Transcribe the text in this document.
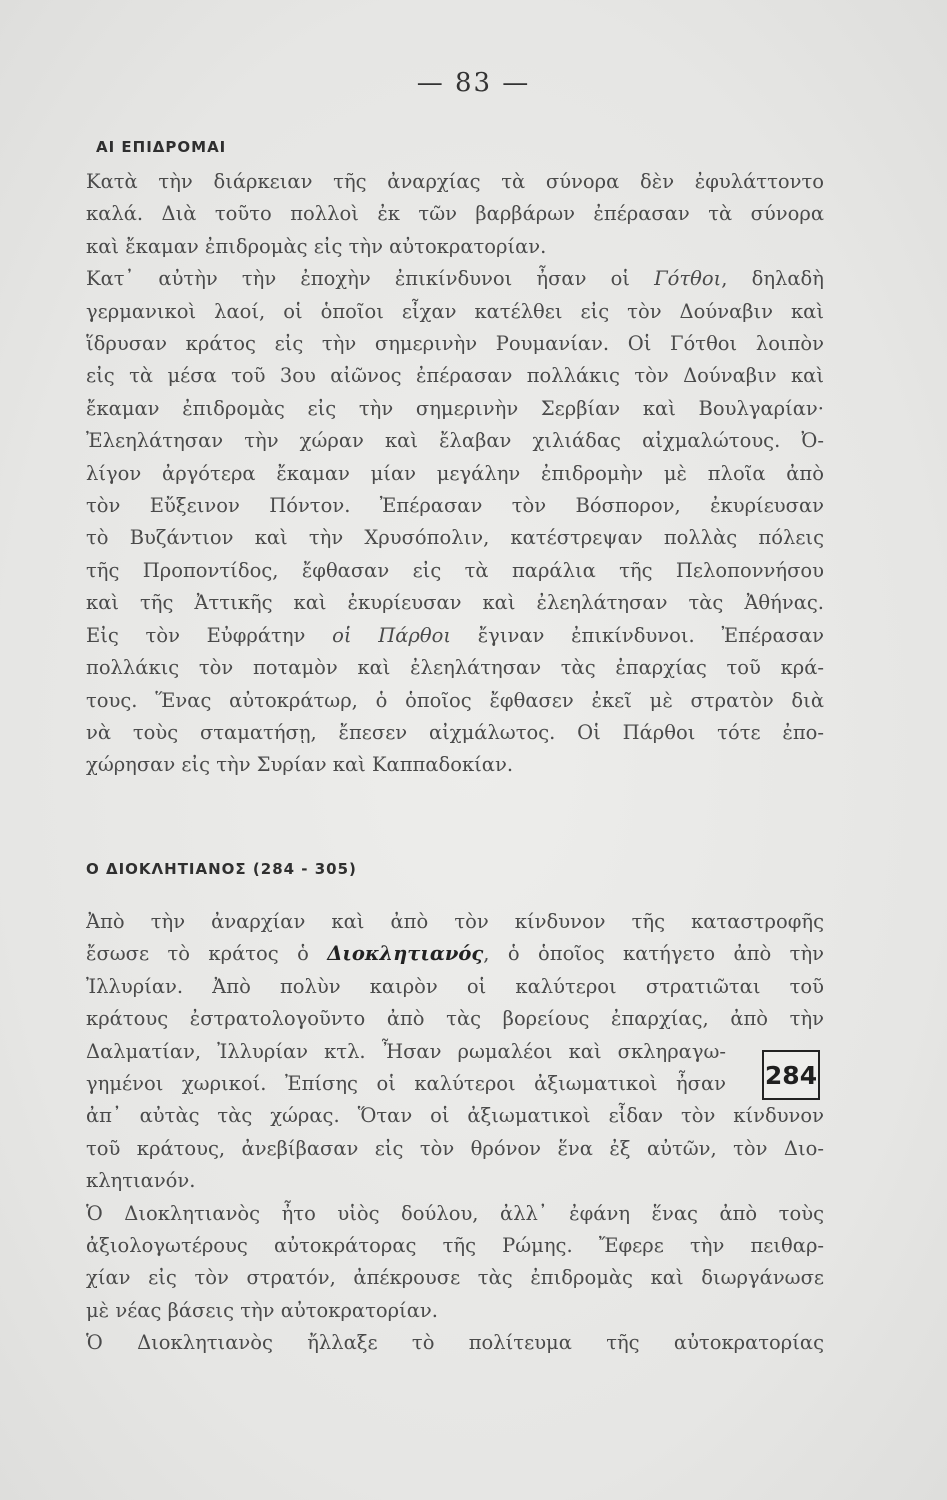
— 83 —
ΑΙ ΕΠΙΔΡΟΜΑΙ
Κατὰ τὴν διάρκειαν τῆς ἀναρχίας τὰ σύνορα δὲν ἐφυλάττοντο
καλά. Διὰ τοῦτο πολλοὶ ἐκ τῶν βαρβάρων ἐπέρασαν τὰ σύνορα
καὶ ἔκαμαν ἐπιδρομὰς εἰς τὴν αὐτοκρατορίαν.
Κατ᾽ αὐτὴν τὴν ἐποχὴν ἐπικίνδυνοι ἦσαν οἱ Γότθοι, δηλαδὴ
γερμανικοὶ λαοί, οἱ ὁποῖοι εἶχαν κατέλθει εἰς τὸν Δούναβιν καὶ
ἵδρυσαν κράτος εἰς τὴν σημερινὴν Ρουμανίαν. Οἱ Γότθοι λοιπὸν
εἰς τὰ μέσα τοῦ 3ου αἰῶνος ἐπέρασαν πολλάκις τὸν Δούναβιν καὶ
ἔκαμαν ἐπιδρομὰς εἰς τὴν σημερινὴν Σερβίαν καὶ Βουλγαρίαν·
Ἐλεηλάτησαν τὴν χώραν καὶ ἔλαβαν χιλιάδας αἰχμαλώτους. Ὀ-
λίγον ἀργότερα ἔκαμαν μίαν μεγάλην ἐπιδρομὴν μὲ πλοῖα ἀπὸ
τὸν Εὔξεινον Πόντον. Ἐπέρασαν τὸν Βόσπορον, ἐκυρίευσαν
τὸ Βυζάντιον καὶ τὴν Χρυσόπολιν, κατέστρεψαν πολλὰς πόλεις
τῆς Προποντίδος, ἔφθασαν εἰς τὰ παράλια τῆς Πελοποννήσου
καὶ τῆς Ἀττικῆς καὶ ἐκυρίευσαν καὶ ἐλεηλάτησαν τὰς Ἀθήνας.
Εἰς τὸν Εὐφράτην οἱ Πάρθοι ἔγιναν ἐπικίνδυνοι. Ἐπέρασαν
πολλάκις τὸν ποταμὸν καὶ ἐλεηλάτησαν τὰς ἐπαρχίας τοῦ κρά-
τους. Ἕνας αὐτοκράτωρ, ὁ ὁποῖος ἔφθασεν ἐκεῖ μὲ στρατὸν διὰ
νὰ τοὺς σταματήσῃ, ἔπεσεν αἰχμάλωτος. Οἱ Πάρθοι τότε ἐπο-
χώρησαν εἰς τὴν Συρίαν καὶ Καππαδοκίαν.
Ο ΔΙΟΚΛΗΤΙΑΝΟΣ (284 - 305)
Ἀπὸ τὴν ἀναρχίαν καὶ ἀπὸ τὸν κίνδυνον τῆς καταστροφῆς
ἔσωσε τὸ κράτος ὁ Διοκλητιανός, ὁ ὁποῖος κατήγετο ἀπὸ τὴν
Ἰλλυρίαν. Ἀπὸ πολὺν καιρὸν οἱ καλύτεροι στρατιῶται τοῦ
κράτους ἐστρατολογοῦντο ἀπὸ τὰς βορείους ἐπαρχίας, ἀπὸ τὴν
Δαλματίαν, Ἰλλυρίαν κτλ. Ἦσαν ρωμαλέοι καὶ σκληραγω-
γημένοι χωρικοί. Ἐπίσης οἱ καλύτεροι ἀξιωματικοὶ ἦσαν
ἀπ᾽ αὐτὰς τὰς χώρας. Ὅταν οἱ ἀξιωματικοὶ εἶδαν τὸν κίνδυνον
τοῦ κράτους, ἀνεβίβασαν εἰς τὸν θρόνον ἕνα ἐξ αὐτῶν, τὸν Διο-
κλητιανόν.
Ὁ Διοκλητιανὸς ἦτο υἱὸς δούλου, ἀλλ᾽ ἐφάνη ἕνας ἀπὸ τοὺς
ἀξιολογωτέρους αὐτοκράτορας τῆς Ρώμης. Ἔφερε τὴν πειθαρ-
χίαν εἰς τὸν στρατόν, ἀπέκρουσε τὰς ἐπιδρομὰς καὶ διωργάνωσε
μὲ νέας βάσεις τὴν αὐτοκρατορίαν.
Ὁ Διοκλητιανὸς ἤλλαξε τὸ πολίτευμα τῆς αὐτοκρατορίας
284
